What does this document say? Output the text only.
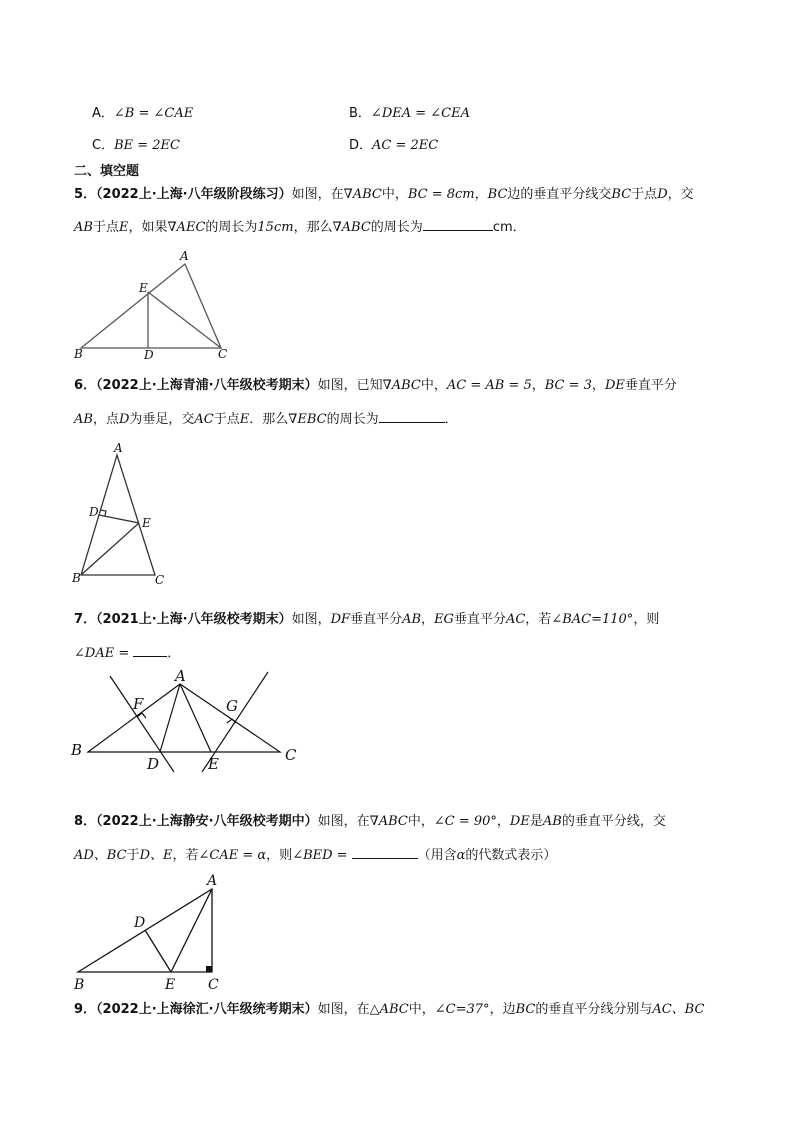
A．∠B = ∠CAE	B．∠DEA = ∠CEA
C．BE = 2EC	D．AC = 2EC
二、填空题
5．（2022上·上海·八年级阶段练习）如图，在∇ABC中，BC = 8cm，BC边的垂直平分线交BC于点D，交
AB于点E，如果∇AEC的周长为15cm，那么∇ABC的周长为	cm．
A
E
B	D	C
6．（2022上·上海青浦·八年级校考期末）如图，已知∇ABC中，AC = AB = 5，BC = 3，DE垂直平分
AB，点D为垂足，交AC于点E．那么∇EBC的周长为	．
A
D
E
B	C
7．（2021上·上海·八年级校考期末）如图，DF垂直平分AB，EG垂直平分AC，若∠BAC=110°，则
∠DAE =	．
A
F	G
B
D	E	C
8．（2022上·上海静安·八年级校考期中）如图，在∇ABC中，∠C = 90°，DE是AB的垂直平分线，交
AD、BC于D、E，若∠CAE = α，则∠BED =	（用含α的代数式表示）
A
D
B	E C
9．（2022上·上海徐汇·八年级统考期末）如图，在△ABC中，∠C=37°，边BC的垂直平分线分别与AC、BC
